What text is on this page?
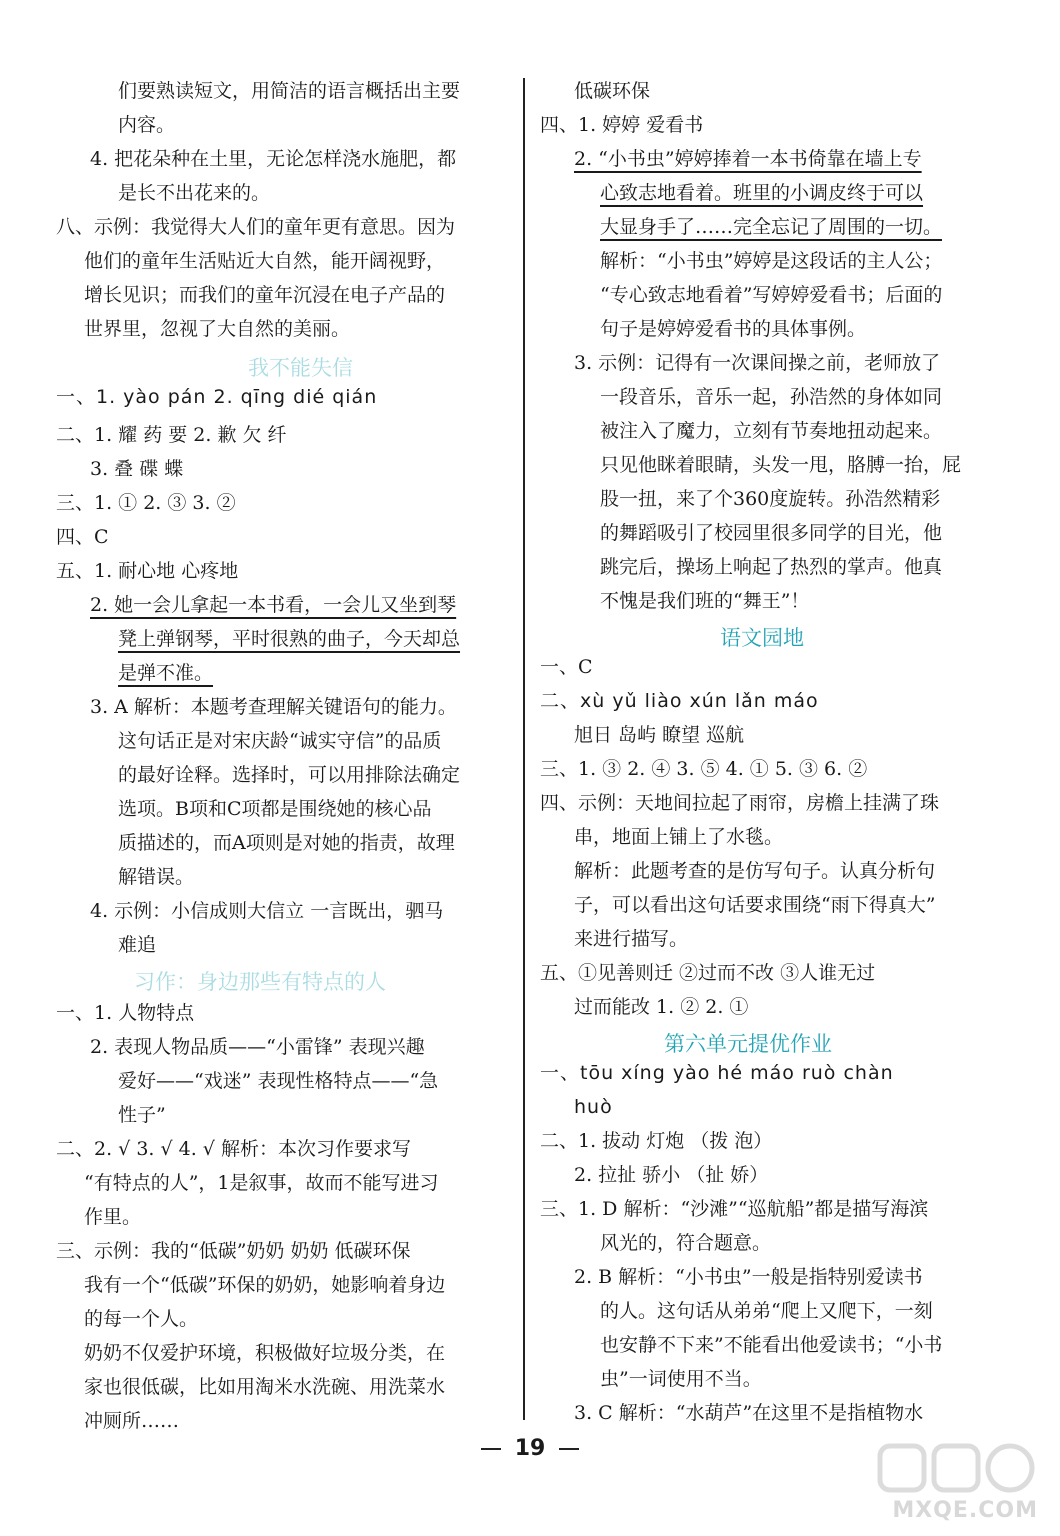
们要熟读短文，用简洁的语言概括出主要
内容。
4. 把花朵种在土里，无论怎样浇水施肥，都
是长不出花来的。
八、示例：我觉得大人们的童年更有意思。因为
他们的童年生活贴近大自然，能开阔视野，
增长见识；而我们的童年沉浸在电子产品的
世界里，忽视了大自然的美丽。
我不能失信
一、1. yào pán 2. qīng dié qián
二、1. 耀 药 要 2. 歉 欠 纤
3. 叠 碟 蝶
三、1. ① 2. ③ 3. ②
四、C
五、1. 耐心地 心疼地
2. 她一会儿拿起一本书看，一会儿又坐到琴
凳上弹钢琴，平时很熟的曲子，今天却总
是弹不准。
3. A 解析：本题考查理解关键语句的能力。
这句话正是对宋庆龄“诚实守信”的品质
的最好诠释。选择时，可以用排除法确定
选项。B项和C项都是围绕她的核心品
质描述的，而A项则是对她的指责，故理
解错误。
4. 示例：小信成则大信立 一言既出，驷马
难追
习作：身边那些有特点的人
一、1. 人物特点
2. 表现人物品质——“小雷锋” 表现兴趣
爱好——“戏迷” 表现性格特点——“急
性子”
二、2. √ 3. √ 4. √ 解析：本次习作要求写
“有特点的人”，1是叙事，故而不能写进习
作里。
三、示例：我的“低碳”奶奶 奶奶 低碳环保
我有一个“低碳”环保的奶奶，她影响着身边
的每一个人。
奶奶不仅爱护环境，积极做好垃圾分类，在
家也很低碳，比如用淘米水洗碗、用洗菜水
冲厕所……
低碳环保
四、1. 婷婷 爱看书
2. “小书虫”婷婷捧着一本书倚靠在墙上专
心致志地看着。班里的小调皮终于可以
大显身手了……完全忘记了周围的一切。
解析：“小书虫”婷婷是这段话的主人公；
“专心致志地看着”写婷婷爱看书；后面的
句子是婷婷爱看书的具体事例。
3. 示例：记得有一次课间操之前，老师放了
一段音乐，音乐一起，孙浩然的身体如同
被注入了魔力，立刻有节奏地扭动起来。
只见他眯着眼睛，头发一甩，胳膊一抬，屁
股一扭，来了个360度旋转。孙浩然精彩
的舞蹈吸引了校园里很多同学的目光，他
跳完后，操场上响起了热烈的掌声。他真
不愧是我们班的“舞王”！
语文园地
一、C
二、xù yǔ liào xún lǎn máo
旭日 岛屿 瞭望 巡航
三、1. ③ 2. ④ 3. ⑤ 4. ① 5. ③ 6. ②
四、示例：天地间拉起了雨帘，房檐上挂满了珠
串，地面上铺上了水毯。
解析：此题考查的是仿写句子。认真分析句
子，可以看出这句话要求围绕“雨下得真大”
来进行描写。
五、①见善则迁 ②过而不改 ③人谁无过
过而能改 1. ② 2. ①
第六单元提优作业
一、tōu xíng yào hé máo ruò chàn
huò
二、1. 拔动 灯炮 （拨 泡）
2. 拉扯 骄小 （扯 娇）
三、1. D 解析：“沙滩”“巡航船”都是描写海滨
风光的，符合题意。
2. B 解析：“小书虫”一般是指特别爱读书
的人。这句话从弟弟“爬上又爬下，一刻
也安静不下来”不能看出他爱读书；“小书
虫”一词使用不当。
3. C 解析：“水葫芦”在这里不是指植物水
19
MXQE.COM
